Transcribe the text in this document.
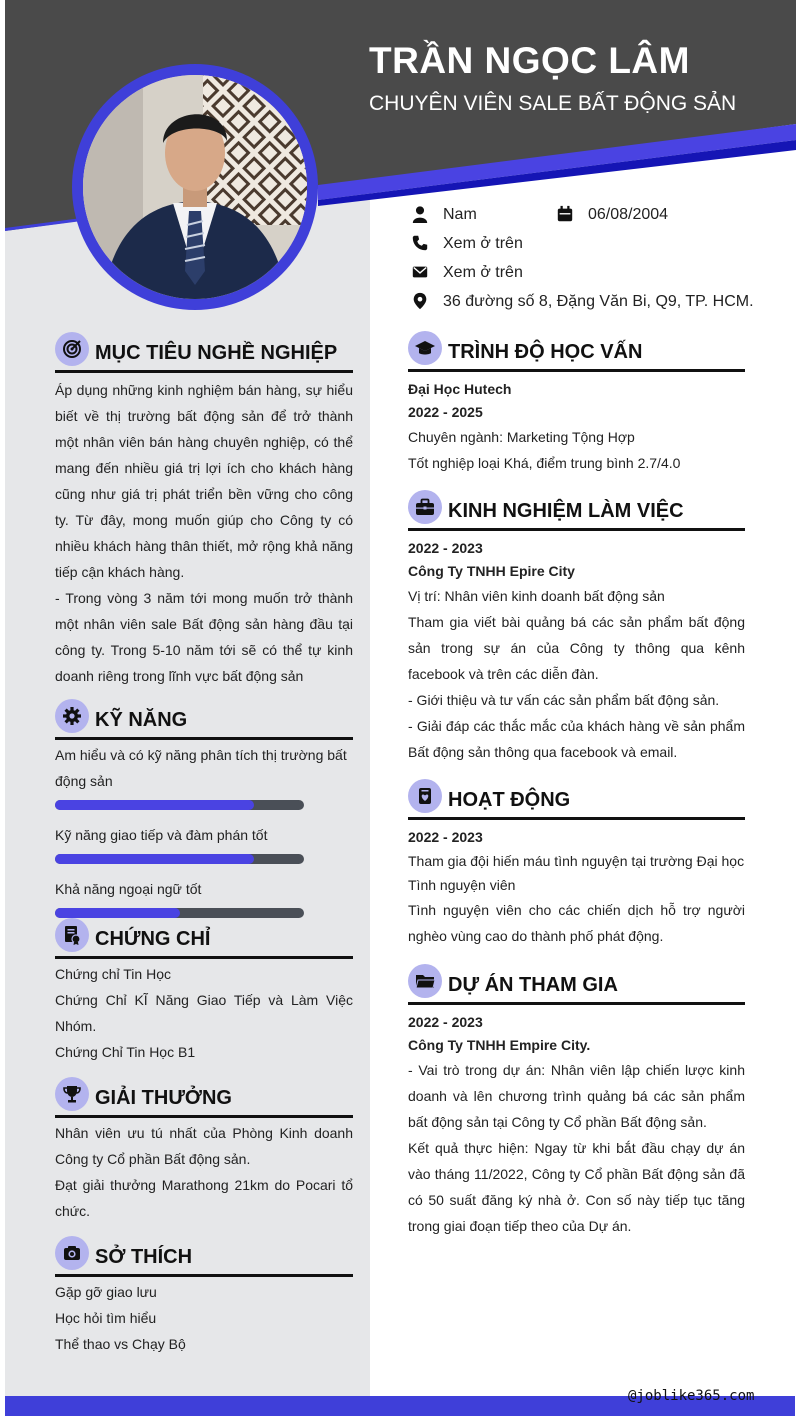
TRẦN NGỌC LÂM
CHUYÊN VIÊN SALE BẤT ĐỘNG SẢN
Nam	06/08/2004
Xem ở trên
Xem ở trên
36 đường số 8, Đặng Văn Bi, Q9, TP. HCM.
MỤC TIÊU NGHỀ NGHIỆP

Áp dụng những kinh nghiệm bán hàng, sự hiểu biết về thị trường bất động sản để trở thành một nhân viên bán hàng chuyên nghiệp, có thể mang đến nhiều giá trị lợi ích cho khách hàng cũng như giá trị phát triển bền vững cho công ty. Từ đây, mong muốn giúp cho Công ty có nhiều khách hàng thân thiết, mở rộng khả năng tiếp cận khách hàng.

- Trong vòng 3 năm tới mong muốn trở thành một nhân viên sale Bất động sản hàng đầu tại công ty. Trong 5-10 năm tới sẽ có thể tự kinh doanh riêng trong lĩnh vực bất động sản

KỸ NĂNG
Am hiểu và có kỹ năng phân tích thị trường bất động sản
Kỹ năng giao tiếp và đàm phán tốt
Khả năng ngoại ngữ tốt
CHỨNG CHỈ

Chứng chỉ Tin Học

Chứng Chỉ KĨ Năng Giao Tiếp và Làm Việc Nhóm.

Chứng Chỉ Tin Học B1

GIẢI THƯỞNG

Nhân viên ưu tú nhất của Phòng Kinh doanh Công ty Cổ phần Bất động sản.

Đạt giải thưởng Marathong 21km do Pocari tổ chức.

SỞ THÍCH

Gặp gỡ giao lưu

Học hỏi tìm hiểu

Thể thao vs Chạy Bộ

TRÌNH ĐỘ HỌC VẤN

Đại Học Hutech

2022 - 2025

Chuyên ngành: Marketing Tộng Hợp

Tốt nghiệp loại Khá, điểm trung bình 2.7/4.0

KINH NGHIỆM LÀM VIỆC

2022 - 2023

Công Ty TNHH Epire City

Vị trí: Nhân viên kinh doanh bất động sản

Tham gia viết bài quảng bá các sản phẩm bất động sản trong sự án của Công ty thông qua kênh facebook và trên các diễn đàn.

- Giới thiệu và tư vấn các sản phẩm bất động sản.

- Giải đáp các thắc mắc của khách hàng về sản phẩm Bất động sản thông qua facebook và email.

HOẠT ĐỘNG

2022 - 2023

Tham gia đội hiến máu tình nguyện tại trường Đại học

Tình nguyện viên

Tình nguyện viên cho các chiến dịch hỗ trợ người nghèo vùng cao do thành phố phát động.

DỰ ÁN THAM GIA

2022 - 2023

Công Ty TNHH Empire City.

- Vai trò trong dự án: Nhân viên lập chiến lược kinh doanh và lên chương trình quảng bá các sản phẩm bất động sản tại Công ty Cổ phần Bất động sản.

Kết quả thực hiện: Ngay từ khi bắt đầu chạy dự án vào tháng 11/2022, Công ty Cổ phần Bất động sản đã có 50 suất đăng ký nhà ở. Con số này tiếp tục tăng trong giai đoạn tiếp theo của Dự án.

@joblike365.com
